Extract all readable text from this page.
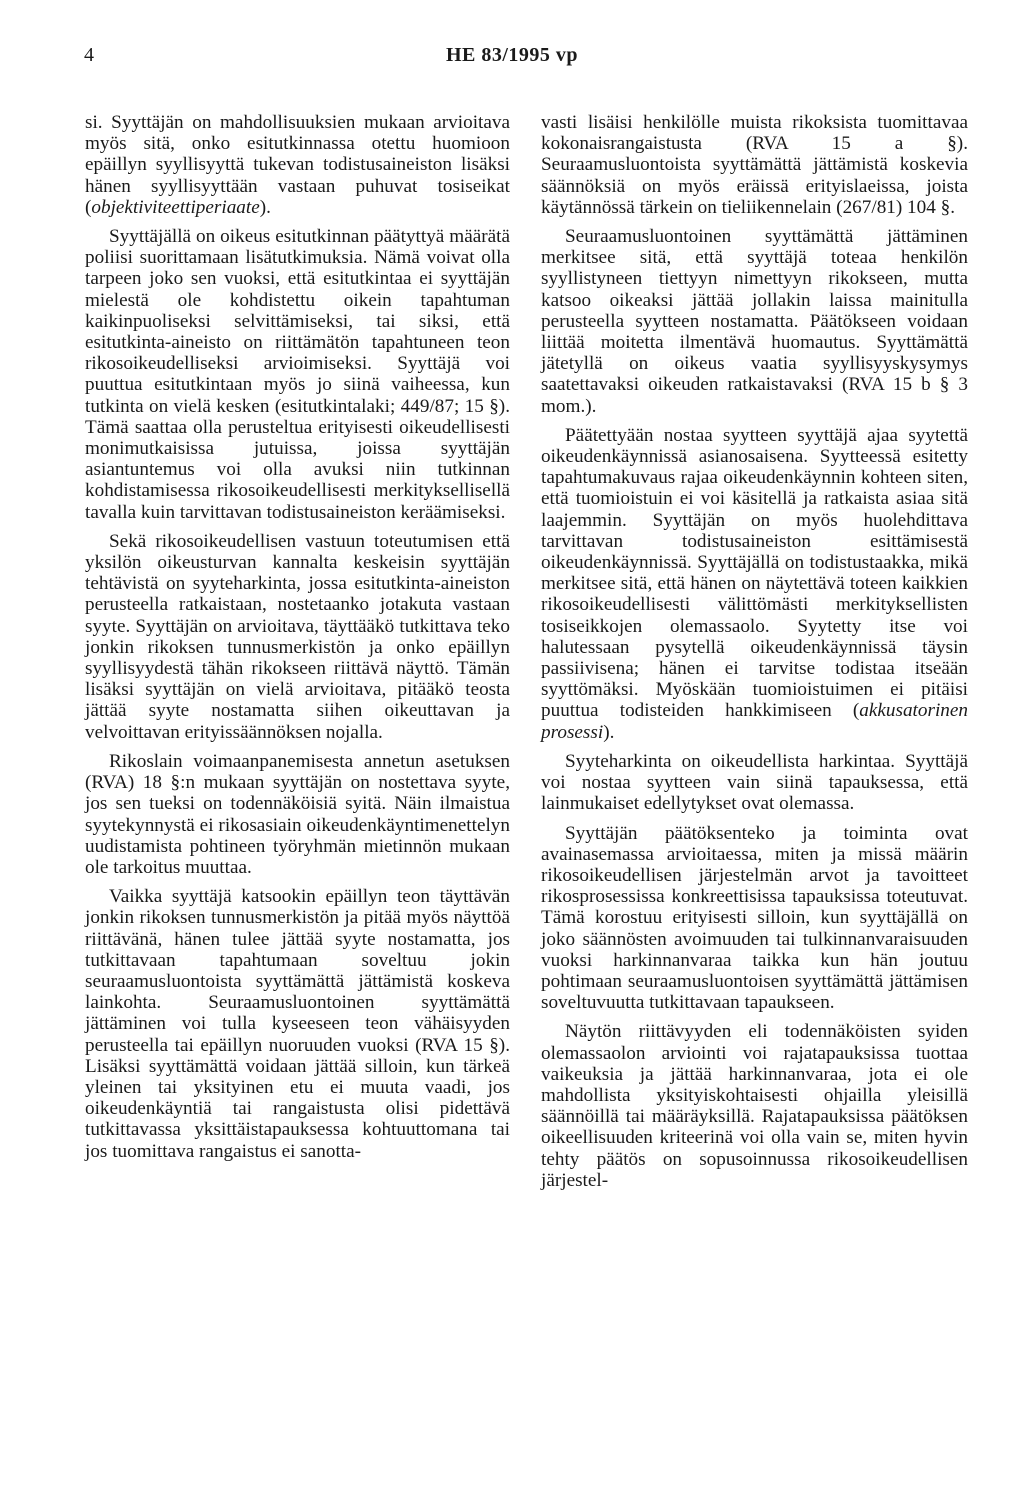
4	HE 83/1995 vp

si. Syyttäjän on mahdollisuuksien mukaan arvioitava myös sitä, onko esitutkinnassa otettu huomioon epäillyn syyllisyyttä tukevan todistusaineiston lisäksi hänen syyllisyyttään vastaan puhuvat tosiseikat (objektiviteettiperiaate).

Syyttäjällä on oikeus esitutkinnan päätyttyä määrätä poliisi suorittamaan lisätutkimuksia. Nämä voivat olla tarpeen joko sen vuoksi, että esitutkintaa ei syyttäjän mielestä ole kohdistettu oikein tapahtuman kaikinpuoliseksi selvittämiseksi, tai siksi, että esitutkinta-aineisto on riittämätön tapahtuneen teon rikosoikeudelliseksi arvioimiseksi. Syyttäjä voi puuttua esitutkintaan myös jo siinä vaiheessa, kun tutkinta on vielä kesken (esitutkintalaki; 449/87; 15 §). Tämä saattaa olla perusteltua erityisesti oikeudellisesti monimutkaisissa jutuissa, joissa syyttäjän asiantuntemus voi olla avuksi niin tutkinnan kohdistamisessa rikosoikeudellisesti merkityksellisellä tavalla kuin tarvittavan todistusaineiston keräämiseksi.

Sekä rikosoikeudellisen vastuun toteutumisen että yksilön oikeusturvan kannalta keskeisin syyttäjän tehtävistä on syyteharkinta, jossa esitutkinta-aineiston perusteella ratkaistaan, nostetaanko jotakuta vastaan syyte. Syyttäjän on arvioitava, täyttääkö tutkittava teko jonkin rikoksen tunnusmerkistön ja onko epäillyn syyllisyydestä tähän rikokseen riittävä näyttö. Tämän lisäksi syyttäjän on vielä arvioitava, pitääkö teosta jättää syyte nostamatta siihen oikeuttavan ja velvoittavan erityissäännöksen nojalla.

Rikoslain voimaanpanemisesta annetun asetuksen (RVA) 18 §:n mukaan syyttäjän on nostettava syyte, jos sen tueksi on todennäköisiä syitä. Näin ilmaistua syytekynnystä ei rikosasiain oikeudenkäyntimenettelyn uudistamista pohtineen työryhmän mietinnön mukaan ole tarkoitus muuttaa.

Vaikka syyttäjä katsookin epäillyn teon täyttävän jonkin rikoksen tunnusmerkistön ja pitää myös näyttöä riittävänä, hänen tulee jättää syyte nostamatta, jos tutkittavaan tapahtumaan soveltuu jokin seuraamusluontoista syyttämättä jättämistä koskeva lainkohta. Seuraamusluontoinen syyttämättä jättäminen voi tulla kyseeseen teon vähäisyyden perusteella tai epäillyn nuoruuden vuoksi (RVA 15 §). Lisäksi syyttämättä voidaan jättää silloin, kun tärkeä yleinen tai yksityinen etu ei muuta vaadi, jos oikeudenkäyntiä tai rangaistusta olisi pidettävä tutkittavassa yksittäistapauksessa kohtuuttomana tai jos tuomittava rangaistus ei sanotta-

vasti lisäisi henkilölle muista rikoksista tuomittavaa kokonaisrangaistusta (RVA 15 a §). Seuraamusluontoista syyttämättä jättämistä koskevia säännöksiä on myös eräissä erityislaeissa, joista käytännössä tärkein on tieliikennelain (267/81) 104 §.

Seuraamusluontoinen syyttämättä jättäminen merkitsee sitä, että syyttäjä toteaa henkilön syyllistyneen tiettyyn nimettyyn rikokseen, mutta katsoo oikeaksi jättää jollakin laissa mainitulla perusteella syytteen nostamatta. Päätökseen voidaan liittää moitetta ilmentävä huomautus. Syyttämättä jätetyllä on oikeus vaatia syyllisyyskysymys saatettavaksi oikeuden ratkaistavaksi (RVA 15 b § 3 mom.).

Päätettyään nostaa syytteen syyttäjä ajaa syytettä oikeudenkäynnissä asianosaisena. Syytteessä esitetty tapahtumakuvaus rajaa oikeudenkäynnin kohteen siten, että tuomioistuin ei voi käsitellä ja ratkaista asiaa sitä laajemmin. Syyttäjän on myös huolehdittava tarvittavan todistusaineiston esittämisestä oikeudenkäynnissä. Syyttäjällä on todistustaakka, mikä merkitsee sitä, että hänen on näytettävä toteen kaikkien rikosoikeudellisesti välittömästi merkityksellisten tosiseikkojen olemassaolo. Syytetty itse voi halutessaan pysytellä oikeudenkäynnissä täysin passiivisena; hänen ei tarvitse todistaa itseään syyttömäksi. Myöskään tuomioistuimen ei pitäisi puuttua todisteiden hankkimiseen (akkusatorinen prosessi).

Syyteharkinta on oikeudellista harkintaa. Syyttäjä voi nostaa syytteen vain siinä tapauksessa, että lainmukaiset edellytykset ovat olemassa.

Syyttäjän päätöksenteko ja toiminta ovat avainasemassa arvioitaessa, miten ja missä määrin rikosoikeudellisen järjestelmän arvot ja tavoitteet rikosprosessissa konkreettisissa tapauksissa toteutuvat. Tämä korostuu erityisesti silloin, kun syyttäjällä on joko säännösten avoimuuden tai tulkinnanvaraisuuden vuoksi harkinnanvaraa taikka kun hän joutuu pohtimaan seuraamusluontoisen syyttämättä jättämisen soveltuvuutta tutkittavaan tapaukseen.

Näytön riittävyyden eli todennäköisten syiden olemassaolon arviointi voi rajatapauksissa tuottaa vaikeuksia ja jättää harkinnanvaraa, jota ei ole mahdollista yksityiskohtaisesti ohjailla yleisillä säännöillä tai määräyksillä. Rajatapauksissa päätöksen oikeellisuuden kriteerinä voi olla vain se, miten hyvin tehty päätös on sopusoinnussa rikosoikeudellisen järjestel-
